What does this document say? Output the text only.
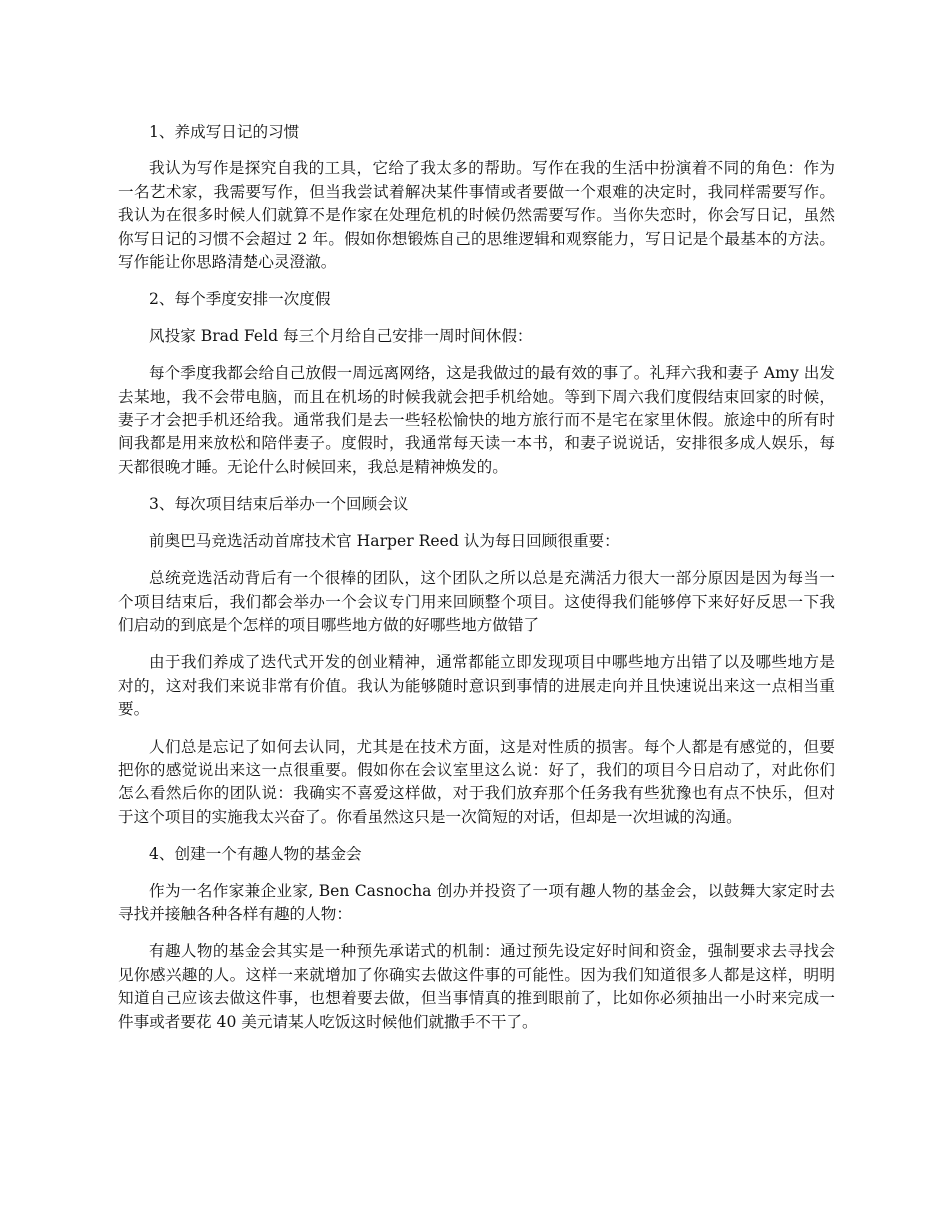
1、养成写日记的习惯

我认为写作是探究自我的工具，它给了我太多的帮助。写作在我的生活中扮演着不同的角色：作为一名艺术家，我需要写作，但当我尝试着解决某件事情或者要做一个艰难的决定时，我同样需要写作。我认为在很多时候人们就算不是作家在处理危机的时候仍然需要写作。当你失恋时，你会写日记，虽然你写日记的习惯不会超过 2 年。假如你想锻炼自己的思维逻辑和观察能力，写日记是个最基本的方法。写作能让你思路清楚心灵澄澈。

2、每个季度安排一次度假

风投家 Brad Feld 每三个月给自己安排一周时间休假：

每个季度我都会给自己放假一周远离网络，这是我做过的最有效的事了。礼拜六我和妻子 Amy 出发去某地，我不会带电脑，而且在机场的时候我就会把手机给她。等到下周六我们度假结束回家的时候，妻子才会把手机还给我。通常我们是去一些轻松愉快的地方旅行而不是宅在家里休假。旅途中的所有时间我都是用来放松和陪伴妻子。度假时，我通常每天读一本书，和妻子说说话，安排很多成人娱乐，每天都很晚才睡。无论什么时候回来，我总是精神焕发的。

3、每次项目结束后举办一个回顾会议

前奥巴马竞选活动首席技术官 Harper Reed 认为每日回顾很重要：

总统竞选活动背后有一个很棒的团队，这个团队之所以总是充满活力很大一部分原因是因为每当一个项目结束后，我们都会举办一个会议专门用来回顾整个项目。这使得我们能够停下来好好反思一下我们启动的到底是个怎样的项目哪些地方做的好哪些地方做错了

由于我们养成了迭代式开发的创业精神，通常都能立即发现项目中哪些地方出错了以及哪些地方是对的，这对我们来说非常有价值。我认为能够随时意识到事情的进展走向并且快速说出来这一点相当重要。

人们总是忘记了如何去认同，尤其是在技术方面，这是对性质的损害。每个人都是有感觉的，但要把你的感觉说出来这一点很重要。假如你在会议室里这么说：好了，我们的项目今日启动了，对此你们怎么看然后你的团队说：我确实不喜爱这样做，对于我们放弃那个任务我有些犹豫也有点不快乐，但对于这个项目的实施我太兴奋了。你看虽然这只是一次简短的对话，但却是一次坦诚的沟通。

4、创建一个有趣人物的基金会

作为一名作家兼企业家, Ben Casnocha 创办并投资了一项有趣人物的基金会，以鼓舞大家定时去寻找并接触各种各样有趣的人物：

有趣人物的基金会其实是一种预先承诺式的机制：通过预先设定好时间和资金，强制要求去寻找会见你感兴趣的人。这样一来就增加了你确实去做这件事的可能性。因为我们知道很多人都是这样，明明知道自己应该去做这件事，也想着要去做，但当事情真的推到眼前了，比如你必须抽出一小时来完成一件事或者要花 40 美元请某人吃饭这时候他们就撒手不干了。
